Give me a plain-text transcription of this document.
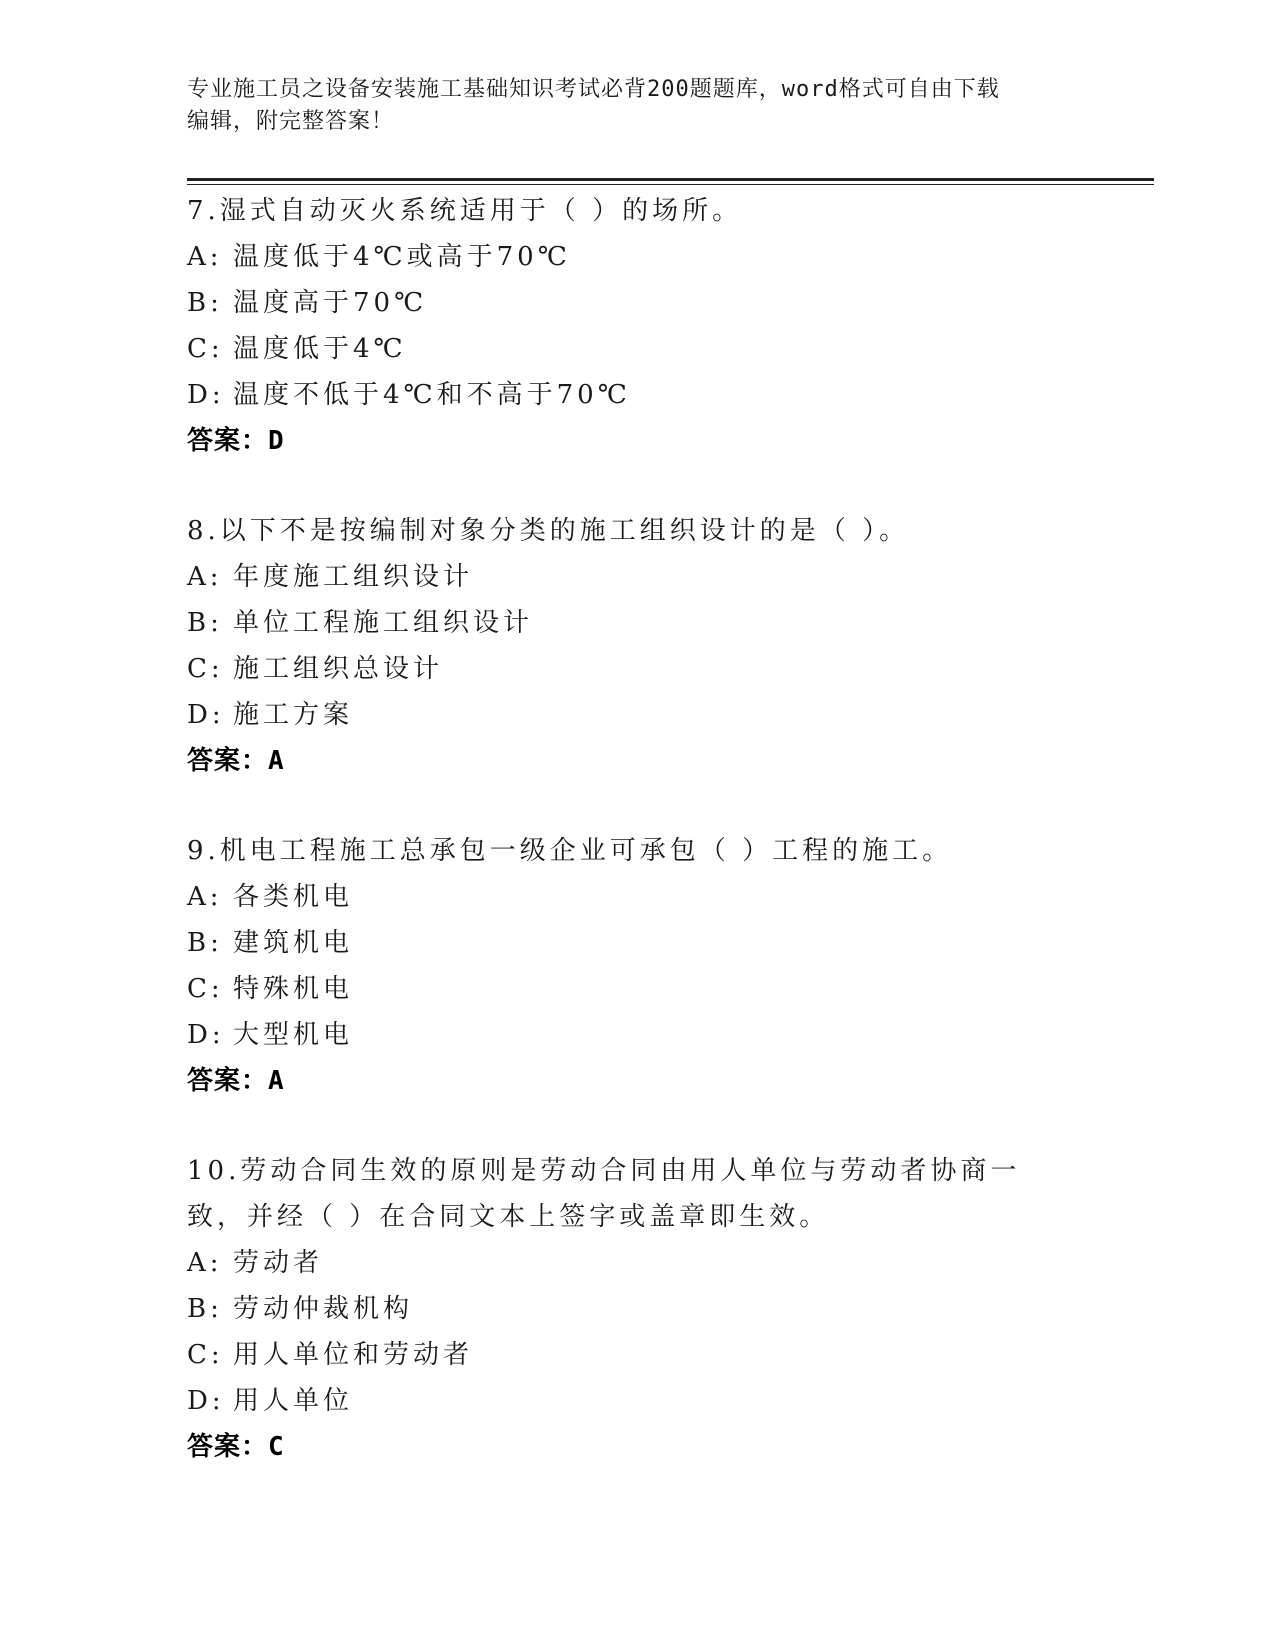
专业施工员之设备安装施工基础知识考试必背200题题库，word格式可自由下载
编辑，附完整答案！
7.湿式自动灭火系统适用于（ ）的场所。
A: 温度低于4℃或高于70℃
B: 温度高于70℃
C: 温度低于4℃
D: 温度不低于4℃和不高于70℃
答案：D
8.以下不是按编制对象分类的施工组织设计的是（ ）。
A: 年度施工组织设计
B: 单位工程施工组织设计
C: 施工组织总设计
D: 施工方案
答案：A
9.机电工程施工总承包一级企业可承包（ ）工程的施工。
A: 各类机电
B: 建筑机电
C: 特殊机电
D: 大型机电
答案：A
10.劳动合同生效的原则是劳动合同由用人单位与劳动者协商一致，并经（ ）在合同文本上签字或盖章即生效。
A: 劳动者
B: 劳动仲裁机构
C: 用人单位和劳动者
D: 用人单位
答案：C
